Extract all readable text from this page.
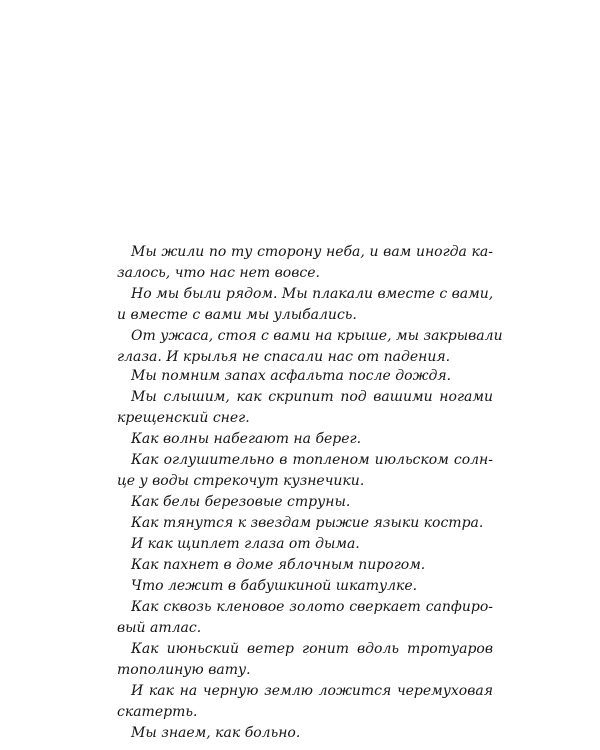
Мы жили по ту сторону неба, и вам иногда ка-
залось, что нас нет вовсе.
Но мы были рядом. Мы плакали вместе с вами,
и вместе с вами мы улыбались.
От ужаса, стоя с вами на крыше, мы закрывали
глаза. И крылья не спасали нас от падения.
Мы помним запах асфальта после дождя.
Мы слышим, как скрипит под вашими ногами
крещенский снег.
Как волны набегают на берег.
Как оглушительно в топленом июльском солн-
це у воды стрекочут кузнечики.
Как белы березовые струны.
Как тянутся к звездам рыжие языки костра.
И как щиплет глаза от дыма.
Как пахнет в доме яблочным пирогом.
Что лежит в бабушкиной шкатулке.
Как сквозь кленовое золото сверкает сапфиро-
вый атлас.
Как июньский ветер гонит вдоль тротуаров
тополиную вату.
И как на черную землю ложится черемуховая
скатерть.
Мы знаем, как больно.
